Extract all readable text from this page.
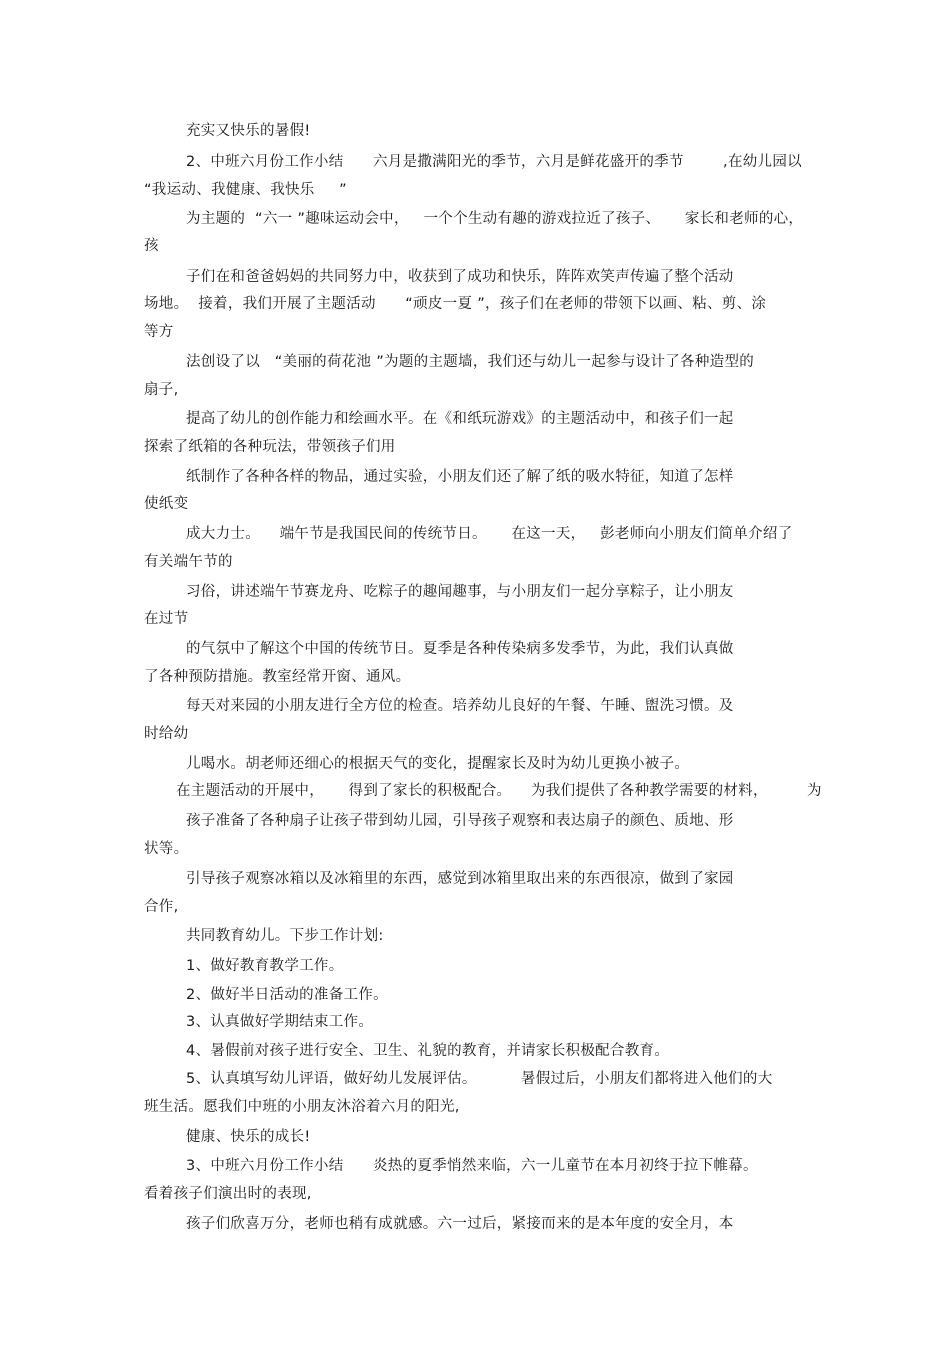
充实又快乐的暑假!
2、中班六月份工作小结      六月是撒满阳光的季节，六月是鲜花盛开的季节        ,在幼儿园以
“我运动、我健康、我快乐     ”
为主题的  “六一 ”趣味运动会中，   一个个生动有趣的游戏拉近了孩子、     家长和老师的心，
孩
子们在和爸爸妈妈的共同努力中，收获到了成功和快乐，阵阵欢笑声传遍了整个活动
场地。  接着，我们开展了主题活动      “顽皮一夏 ”，孩子们在老师的带领下以画、粘、剪、涂
等方
法创设了以   “美丽的荷花池 ”为题的主题墙，我们还与幼儿一起参与设计了各种造型的
扇子,
提高了幼儿的创作能力和绘画水平。在《和纸玩游戏》的主题活动中，和孩子们一起
探索了纸箱的各种玩法，带领孩子们用
纸制作了各种各样的物品，通过实验，小朋友们还了解了纸的吸水特征，知道了怎样
使纸变
成大力士。    端午节是我国民间的传统节日。     在这一天，   彭老师向小朋友们简单介绍了
有关端午节的
习俗，讲述端午节赛龙舟、吃粽子的趣闻趣事，与小朋友们一起分享粽子，让小朋友
在过节
的气氛中了解这个中国的传统节日。夏季是各种传染病多发季节，为此，我们认真做
了各种预防措施。教室经常开窗、通风。
每天对来园的小朋友进行全方位的检查。培养幼儿良好的午餐、午睡、盥洗习惯。及
时给幼
儿喝水。胡老师还细心的根据天气的变化，提醒家长及时为幼儿更换小被子。
在主题活动的开展中，     得到了家长的积极配合。    为我们提供了各种教学需要的材料，        为
孩子准备了各种扇子让孩子带到幼儿园，引导孩子观察和表达扇子的颜色、质地、形
状等。
引导孩子观察冰箱以及冰箱里的东西，感觉到冰箱里取出来的东西很凉，做到了家园
合作,
共同教育幼儿。下步工作计划:
1、做好教育教学工作。
2、做好半日活动的准备工作。
3、认真做好学期结束工作。
4、暑假前对孩子进行安全、卫生、礼貌的教育，并请家长积极配合教育。
5、认真填写幼儿评语，做好幼儿发展评估。         暑假过后，小朋友们都将进入他们的大
班生活。愿我们中班的小朋友沐浴着六月的阳光,
健康、快乐的成长!
3、中班六月份工作小结      炎热的夏季悄然来临，六一儿童节在本月初终于拉下帷幕。
看着孩子们演出时的表现,
孩子们欣喜万分，老师也稍有成就感。六一过后，紧接而来的是本年度的安全月，本
